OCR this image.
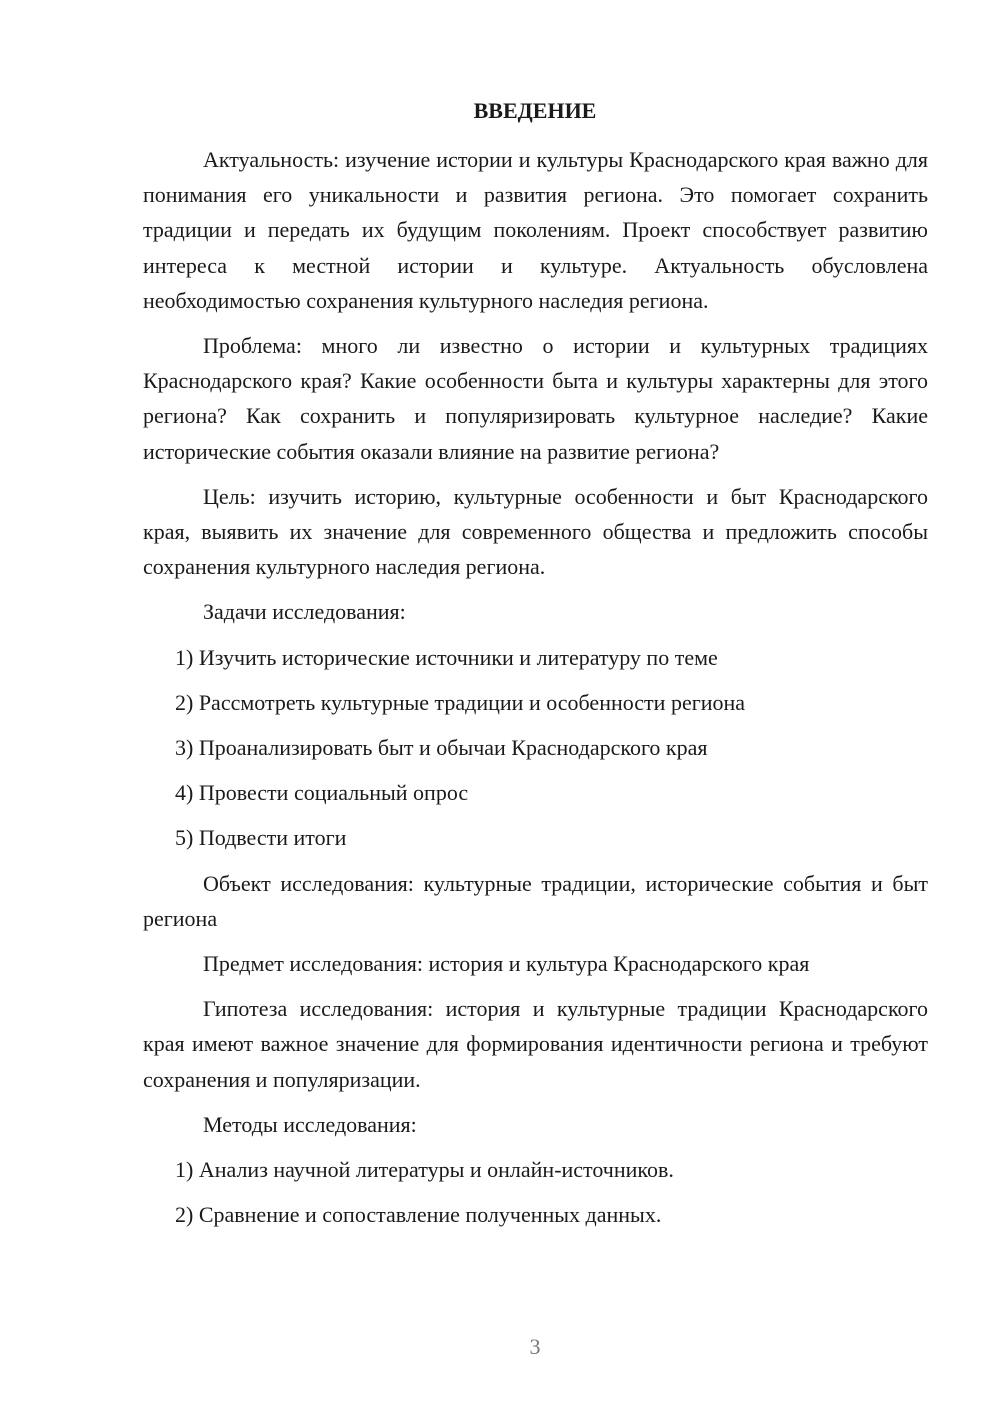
ВВЕДЕНИЕ

Актуальность: изучение истории и культуры Краснодарского края важно для понимания его уникальности и развития региона. Это помогает сохранить традиции и передать их будущим поколениям. Проект способствует развитию интереса к местной истории и культуре. Актуальность обусловлена необходимостью сохранения культурного наследия региона.

Проблема: много ли известно о истории и культурных традициях Краснодарского края? Какие особенности быта и культуры характерны для этого региона? Как сохранить и популяризировать культурное наследие? Какие исторические события оказали влияние на развитие региона?

Цель: изучить историю, культурные особенности и быт Краснодарского края, выявить их значение для современного общества и предложить способы сохранения культурного наследия региона.

Задачи исследования:

1) Изучить исторические источники и литературу по теме

2) Рассмотреть культурные традиции и особенности региона

3) Проанализировать быт и обычаи Краснодарского края

4) Провести социальный опрос

5) Подвести итоги

Объект исследования: культурные традиции, исторические события и быт региона

Предмет исследования: история и культура Краснодарского края

Гипотеза исследования: история и культурные традиции Краснодарского края имеют важное значение для формирования идентичности региона и требуют сохранения и популяризации.

Методы исследования:

1) Анализ научной литературы и онлайн-источников.

2) Сравнение и сопоставление полученных данных.

3
